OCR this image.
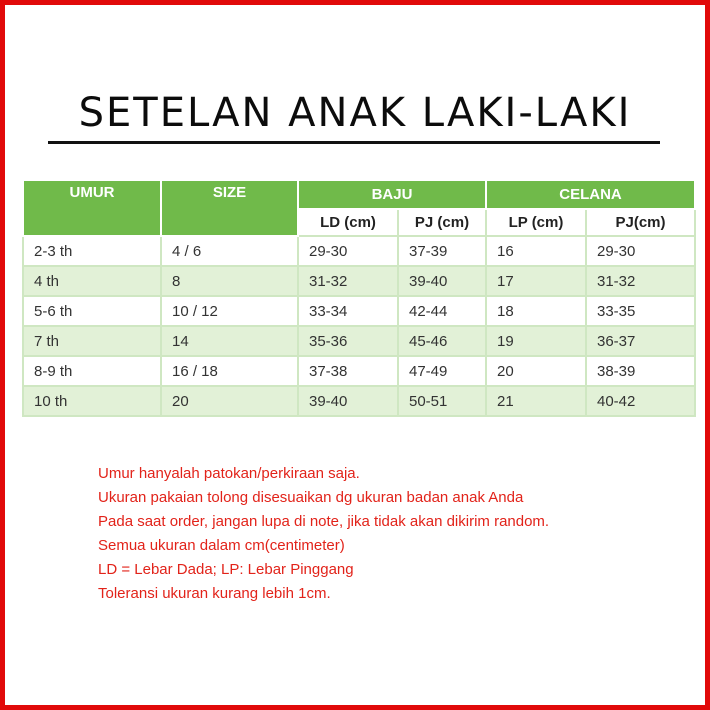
SETELAN ANAK LAKI-LAKI
UMUR	SIZE	BAJU		CELANA	
		LD (cm)	PJ (cm)	LP (cm)	PJ(cm)
2-3 th	4 / 6	29-30	37-39	16	29-30
4 th	8	31-32	39-40	17	31-32
5-6 th	10 / 12	33-34	42-44	18	33-35
7 th	14	35-36	45-46	19	36-37
8-9 th	16 / 18	37-38	47-49	20	38-39
10 th	20	39-40	50-51	21	40-42
Umur hanyalah patokan/perkiraan saja.
Ukuran pakaian tolong disesuaikan dg ukuran badan anak Anda
Pada saat order, jangan lupa di note, jika tidak akan dikirim random.
Semua ukuran dalam cm(centimeter)
LD = Lebar Dada; LP: Lebar Pinggang
Toleransi ukuran kurang lebih 1cm.
